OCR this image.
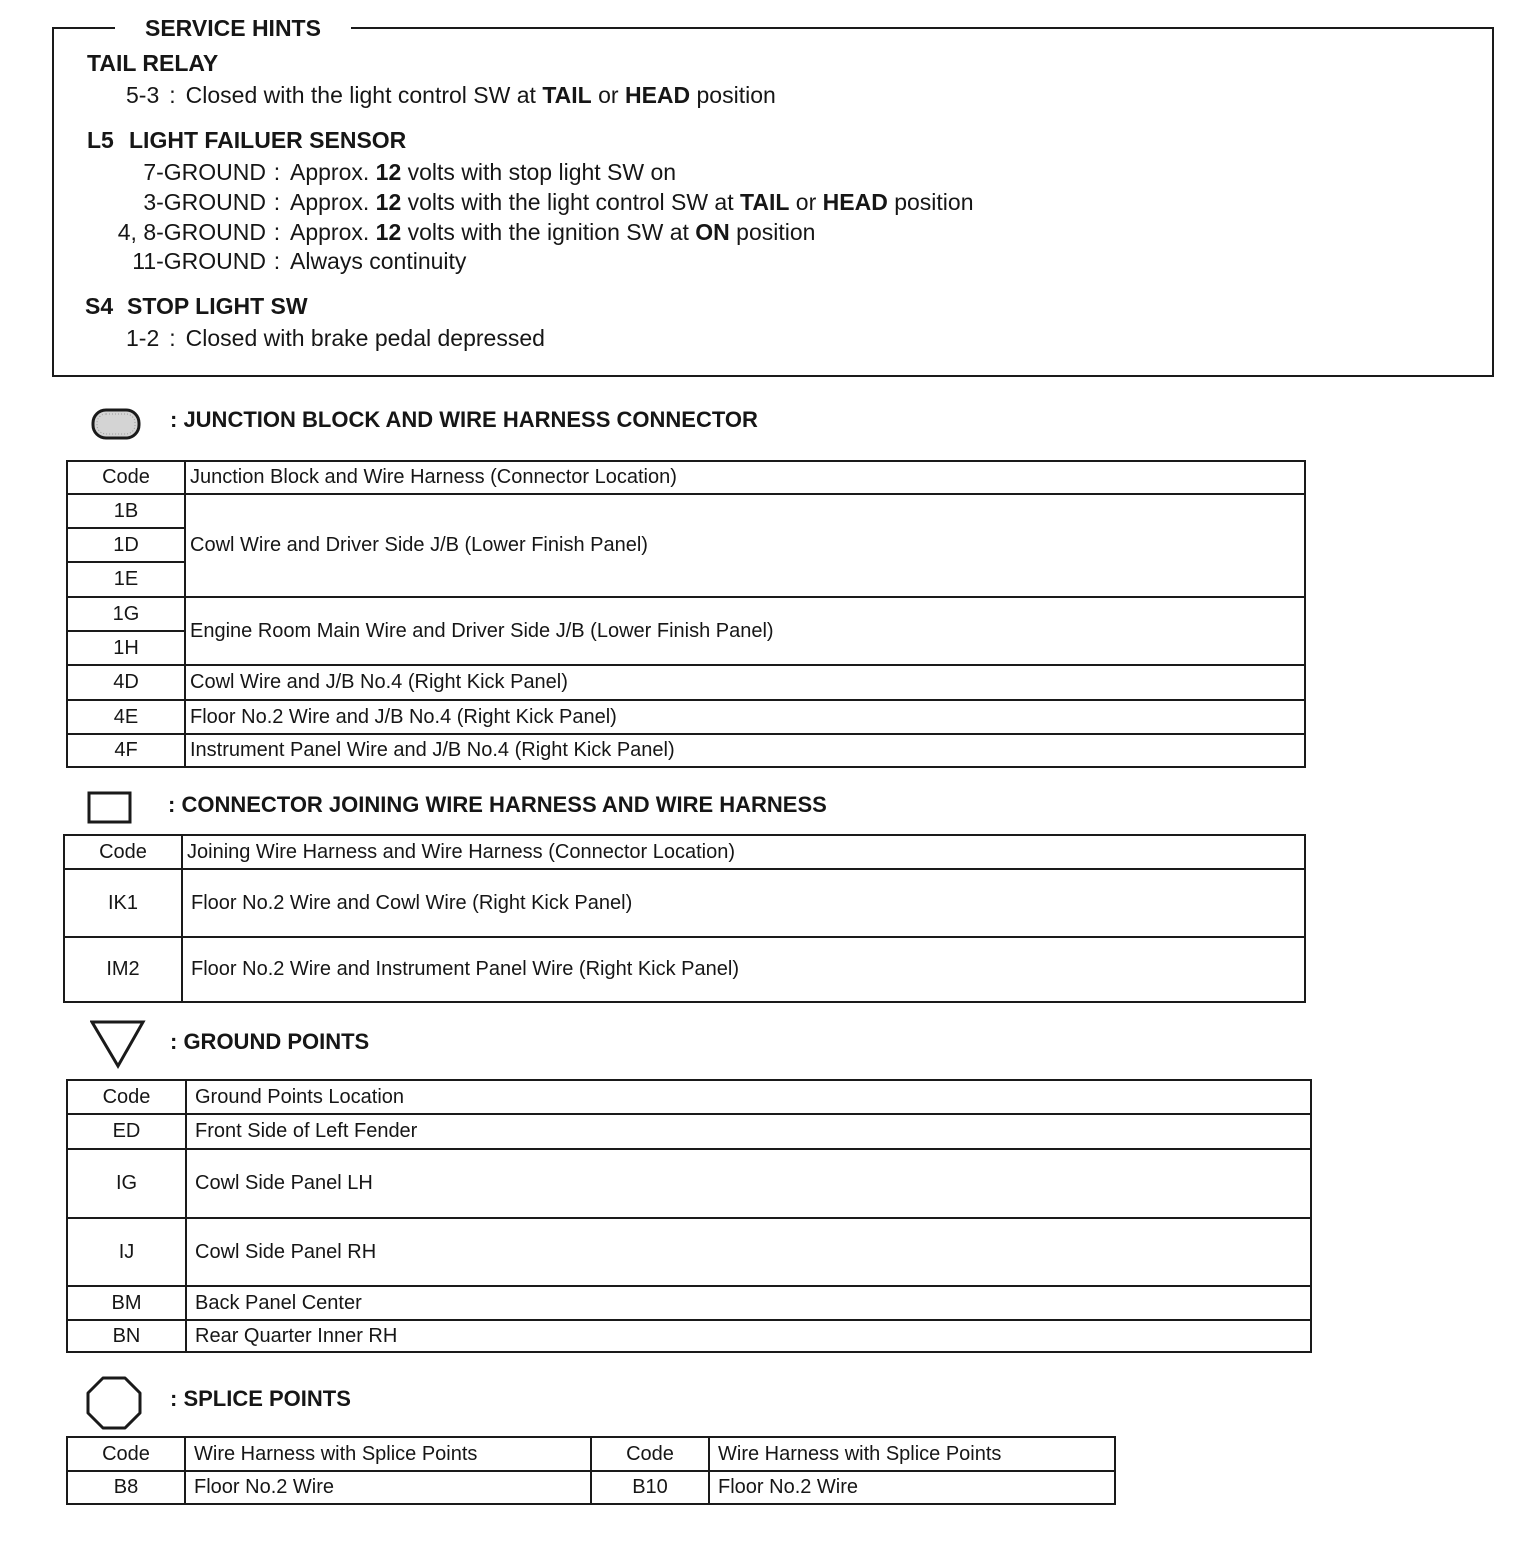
SERVICE HINTS
TAIL RELAY
5-3 : Closed with the light control SW at TAIL or HEAD position
L5 LIGHT FAILUER SENSOR
7-GROUND : Approx. 12 volts with stop light SW on
3-GROUND : Approx. 12 volts with the light control SW at TAIL or HEAD position
4, 8-GROUND : Approx. 12 volts with the ignition SW at ON position
11-GROUND : Always continuity
S4 STOP LIGHT SW
1-2 : Closed with brake pedal depressed
: JUNCTION BLOCK AND WIRE HARNESS CONNECTOR
Code	Junction Block and Wire Harness (Connector Location)
1B	Cowl Wire and Driver Side J/B (Lower Finish Panel)
1D	
1E	
1G	Engine Room Main Wire and Driver Side J/B (Lower Finish Panel)
1H	
4D	Cowl Wire and J/B No.4 (Right Kick Panel)
4E	Floor No.2 Wire and J/B No.4 (Right Kick Panel)
4F	Instrument Panel Wire and J/B No.4 (Right Kick Panel)
: CONNECTOR JOINING WIRE HARNESS AND WIRE HARNESS
Code	Joining Wire Harness and Wire Harness (Connector Location)
IK1	Floor No.2 Wire and Cowl Wire (Right Kick Panel)
IM2	Floor No.2 Wire and Instrument Panel Wire (Right Kick Panel)
: GROUND POINTS
Code	Ground Points Location
ED	Front Side of Left Fender
IG	Cowl Side Panel LH
IJ	Cowl Side Panel RH
BM	Back Panel Center
BN	Rear Quarter Inner RH
: SPLICE POINTS
Code	Wire Harness with Splice Points	Code	Wire Harness with Splice Points
B8	Floor No.2 Wire	B10	Floor No.2 Wire
